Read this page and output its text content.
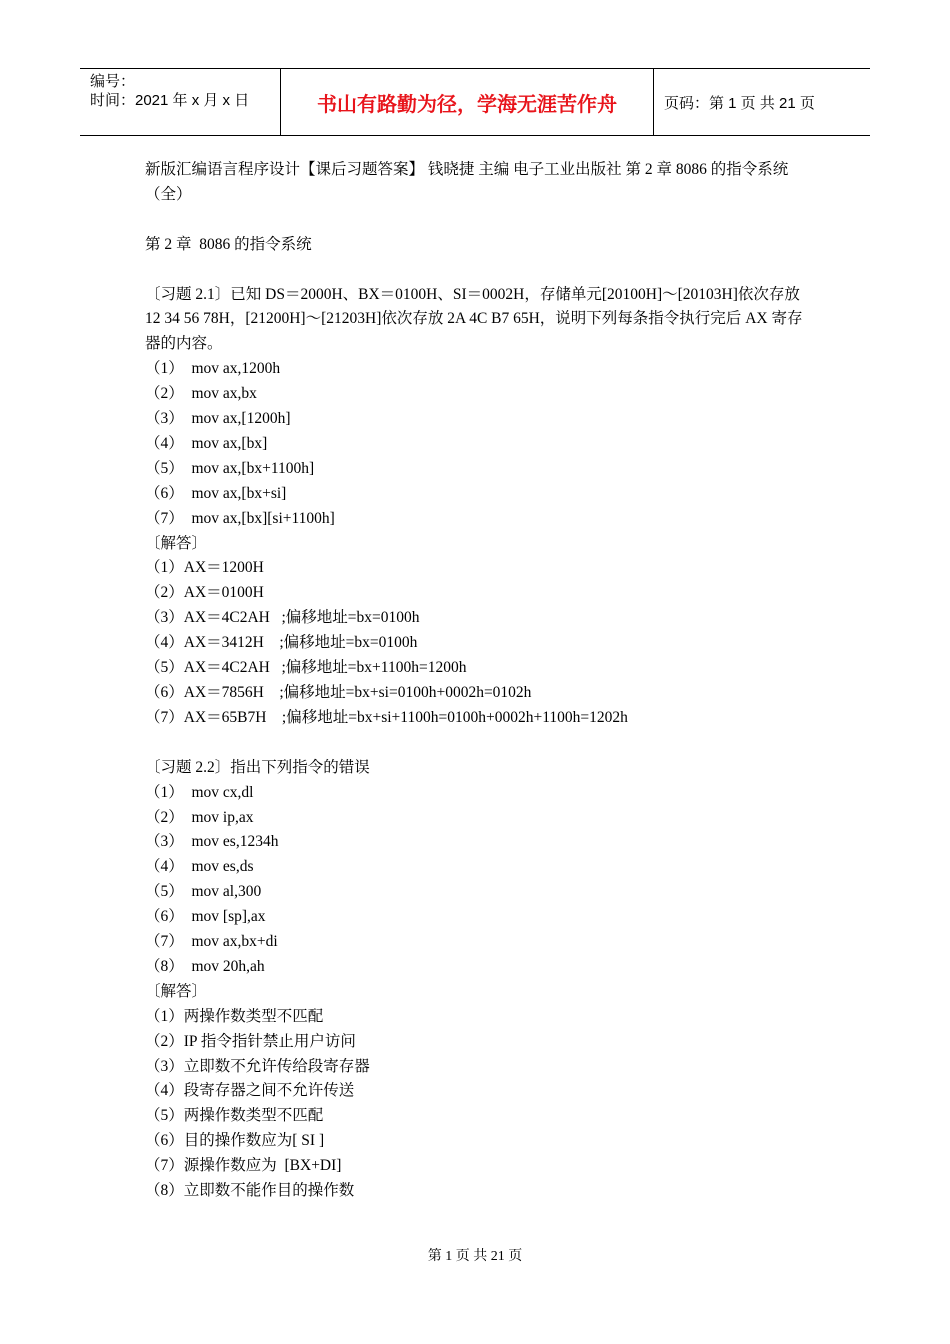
编号：
时间：2021 年 x 月 x 日	书山有路勤为径，学海无涯苦作舟	页码：第 1 页 共 21 页
新版汇编语言程序设计【课后习题答案】 钱晓捷 主编 电子工业出版社 第 2 章 8086 的指令系统（全）
第 2 章  8086 的指令系统
〔习题 2.1〕已知 DS＝2000H、BX＝0100H、SI＝0002H，存储单元[20100H]～[20103H]依次存放 12 34 56 78H，[21200H]～[21203H]依次存放 2A 4C B7 65H，说明下列每条指令执行完后 AX 寄存器的内容。
（1）  mov ax,1200h
（2）  mov ax,bx
（3）  mov ax,[1200h]
（4）  mov ax,[bx]
（5）  mov ax,[bx+1100h]
（6）  mov ax,[bx+si]
（7）  mov ax,[bx][si+1100h]
〔解答〕
（1）AX＝1200H
（2）AX＝0100H
（3）AX＝4C2AH   ;偏移地址=bx=0100h
（4）AX＝3412H    ;偏移地址=bx=0100h
（5）AX＝4C2AH   ;偏移地址=bx+1100h=1200h
（6）AX＝7856H    ;偏移地址=bx+si=0100h+0002h=0102h
（7）AX＝65B7H    ;偏移地址=bx+si+1100h=0100h+0002h+1100h=1202h
〔习题 2.2〕指出下列指令的错误
（1）  mov cx,dl
（2）  mov ip,ax
（3）  mov es,1234h
（4）  mov es,ds
（5）  mov al,300
（6）  mov [sp],ax
（7）  mov ax,bx+di
（8）  mov 20h,ah
〔解答〕
（1）两操作数类型不匹配
（2）IP 指令指针禁止用户访问
（3）立即数不允许传给段寄存器
（4）段寄存器之间不允许传送
（5）两操作数类型不匹配
（6）目的操作数应为[ SI ]
（7）源操作数应为  [BX+DI]
（8）立即数不能作目的操作数
第 1 页 共 21 页
